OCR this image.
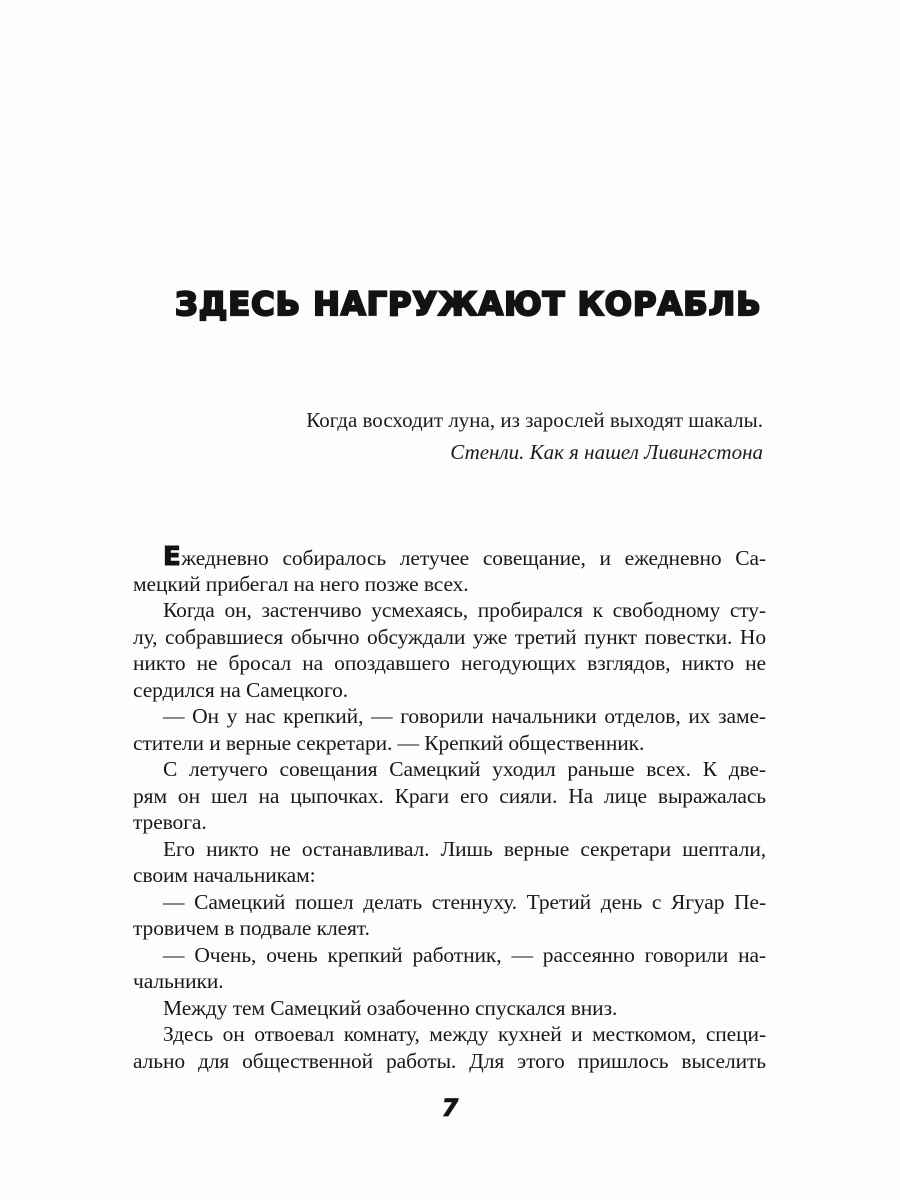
ЗДЕСЬ НАГРУЖАЮТ КОРАБЛЬ
Когда восходит луна, из зарослей выходят шакалы.
Стенли. Как я нашел Ливингстона
Ежедневно собиралось летучее совещание, и ежедневно Са-
мецкий прибегал на него позже всех.
Когда он, застенчиво усмехаясь, пробирался к свободному сту-
лу, собравшиеся обычно обсуждали уже третий пункт повестки. Но
никто не бросал на опоздавшего негодующих взглядов, никто не
сердился на Самецкого.
— Он у нас крепкий, — говорили начальники отделов, их заме-
стители и верные секретари. — Крепкий общественник.
С летучего совещания Самецкий уходил раньше всех. К две-
рям он шел на цыпочках. Краги его сияли. На лице выражалась
тревога.
Его никто не останавливал. Лишь верные секретари шептали,
своим начальникам:
— Самецкий пошел делать стеннуху. Третий день с Ягуар Пе-
тровичем в подвале клеят.
— Очень, очень крепкий работник, — рассеянно говорили на-
чальники.
Между тем Самецкий озабоченно спускался вниз.
Здесь он отвоевал комнату, между кухней и месткомом, специ-
ально для общественной работы. Для этого пришлось выселить
7
